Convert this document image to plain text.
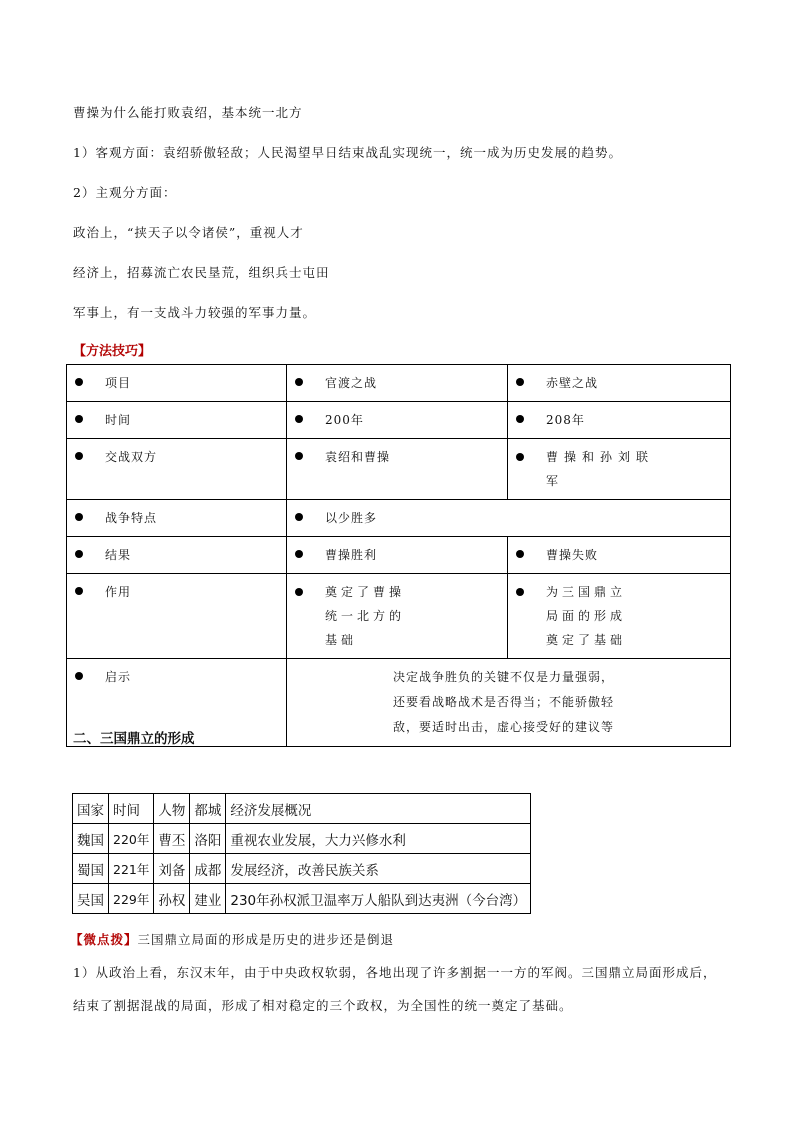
曹操为什么能打败袁绍，基本统一北方
1）客观方面：袁绍骄傲轻敌；人民渴望早日结束战乱实现统一，统一成为历史发展的趋势。
2）主观分方面：
政治上，“挟天子以令诸侯”，重视人才
经济上，招募流亡农民垦荒，组织兵士屯田
军事上，有一支战斗力较强的军事力量。
【方法技巧】
项目	官渡之战	赤壁之战
时间	200年	208年
交战双方	袁绍和曹操	曹操和孙刘联军

战争特点	以少胜多	
结果	曹操胜利	曹操失败
作用	奠定了曹操统一北方的基础	为三国鼎立局面的形成奠定了基础

启示	决定战争胜负的关键不仅是力量强弱，
还要看战略战术是否得当；不能骄傲轻
敌，要适时出击，虚心接受好的建议等	
二、三国鼎立的形成
国家	时间	人物	都城	经济发展概况
魏国	220年	曹丕	洛阳	重视农业发展，大力兴修水利
蜀国	221年	刘备	成都	发展经济，改善民族关系
吴国	229年	孙权	建业	230年孙权派卫温率万人船队到达夷洲（今台湾）
【微点拨】三国鼎立局面的形成是历史的进步还是倒退
1）从政治上看，东汉末年，由于中央政权软弱，各地出现了许多割据一一方的军阀。三国鼎立局面形成后，
结束了割据混战的局面，形成了相对稳定的三个政权，为全国性的统一奠定了基础。
